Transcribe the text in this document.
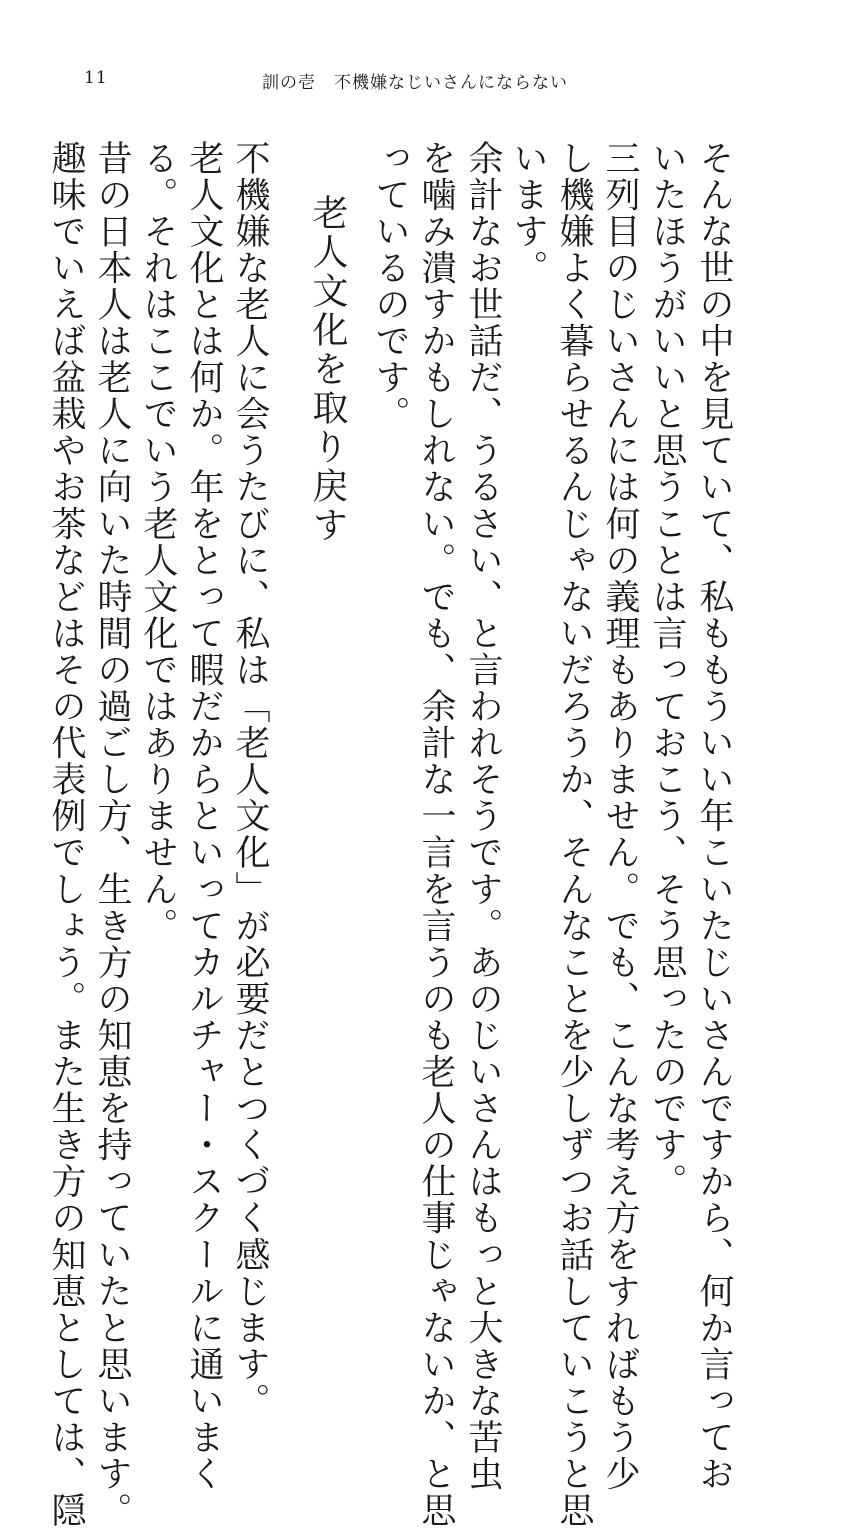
11	訓の壱　不機嫌なじいさんにならない
そんな世の中を見ていて、私ももういい年こいたじいさんですから、何か言ってお
いたほうがいいと思うことは言っておこう、そう思ったのです。
三列目のじいさんには何の義理もありません。でも、こんな考え方をすればもう少
し機嫌よく暮らせるんじゃないだろうか、そんなことを少しずつお話していこうと思
います。
余計なお世話だ、うるさい、と言われそうです。あのじいさんはもっと大きな苦虫
を噛み潰すかもしれない。でも、余計な一言を言うのも老人の仕事じゃないか、と思
っているのです。
老人文化を取り戻す
不機嫌な老人に会うたびに、私は「老人文化」が必要だとつくづく感じます。
老人文化とは何か。年をとって暇だからといってカルチャー・スクールに通いまく
る。それはここでいう老人文化ではありません。
昔の日本人は老人に向いた時間の過ごし方、生き方の知恵を持っていたと思います。
趣味でいえば盆栽やお茶などはその代表例でしょう。また生き方の知恵としては、隠
